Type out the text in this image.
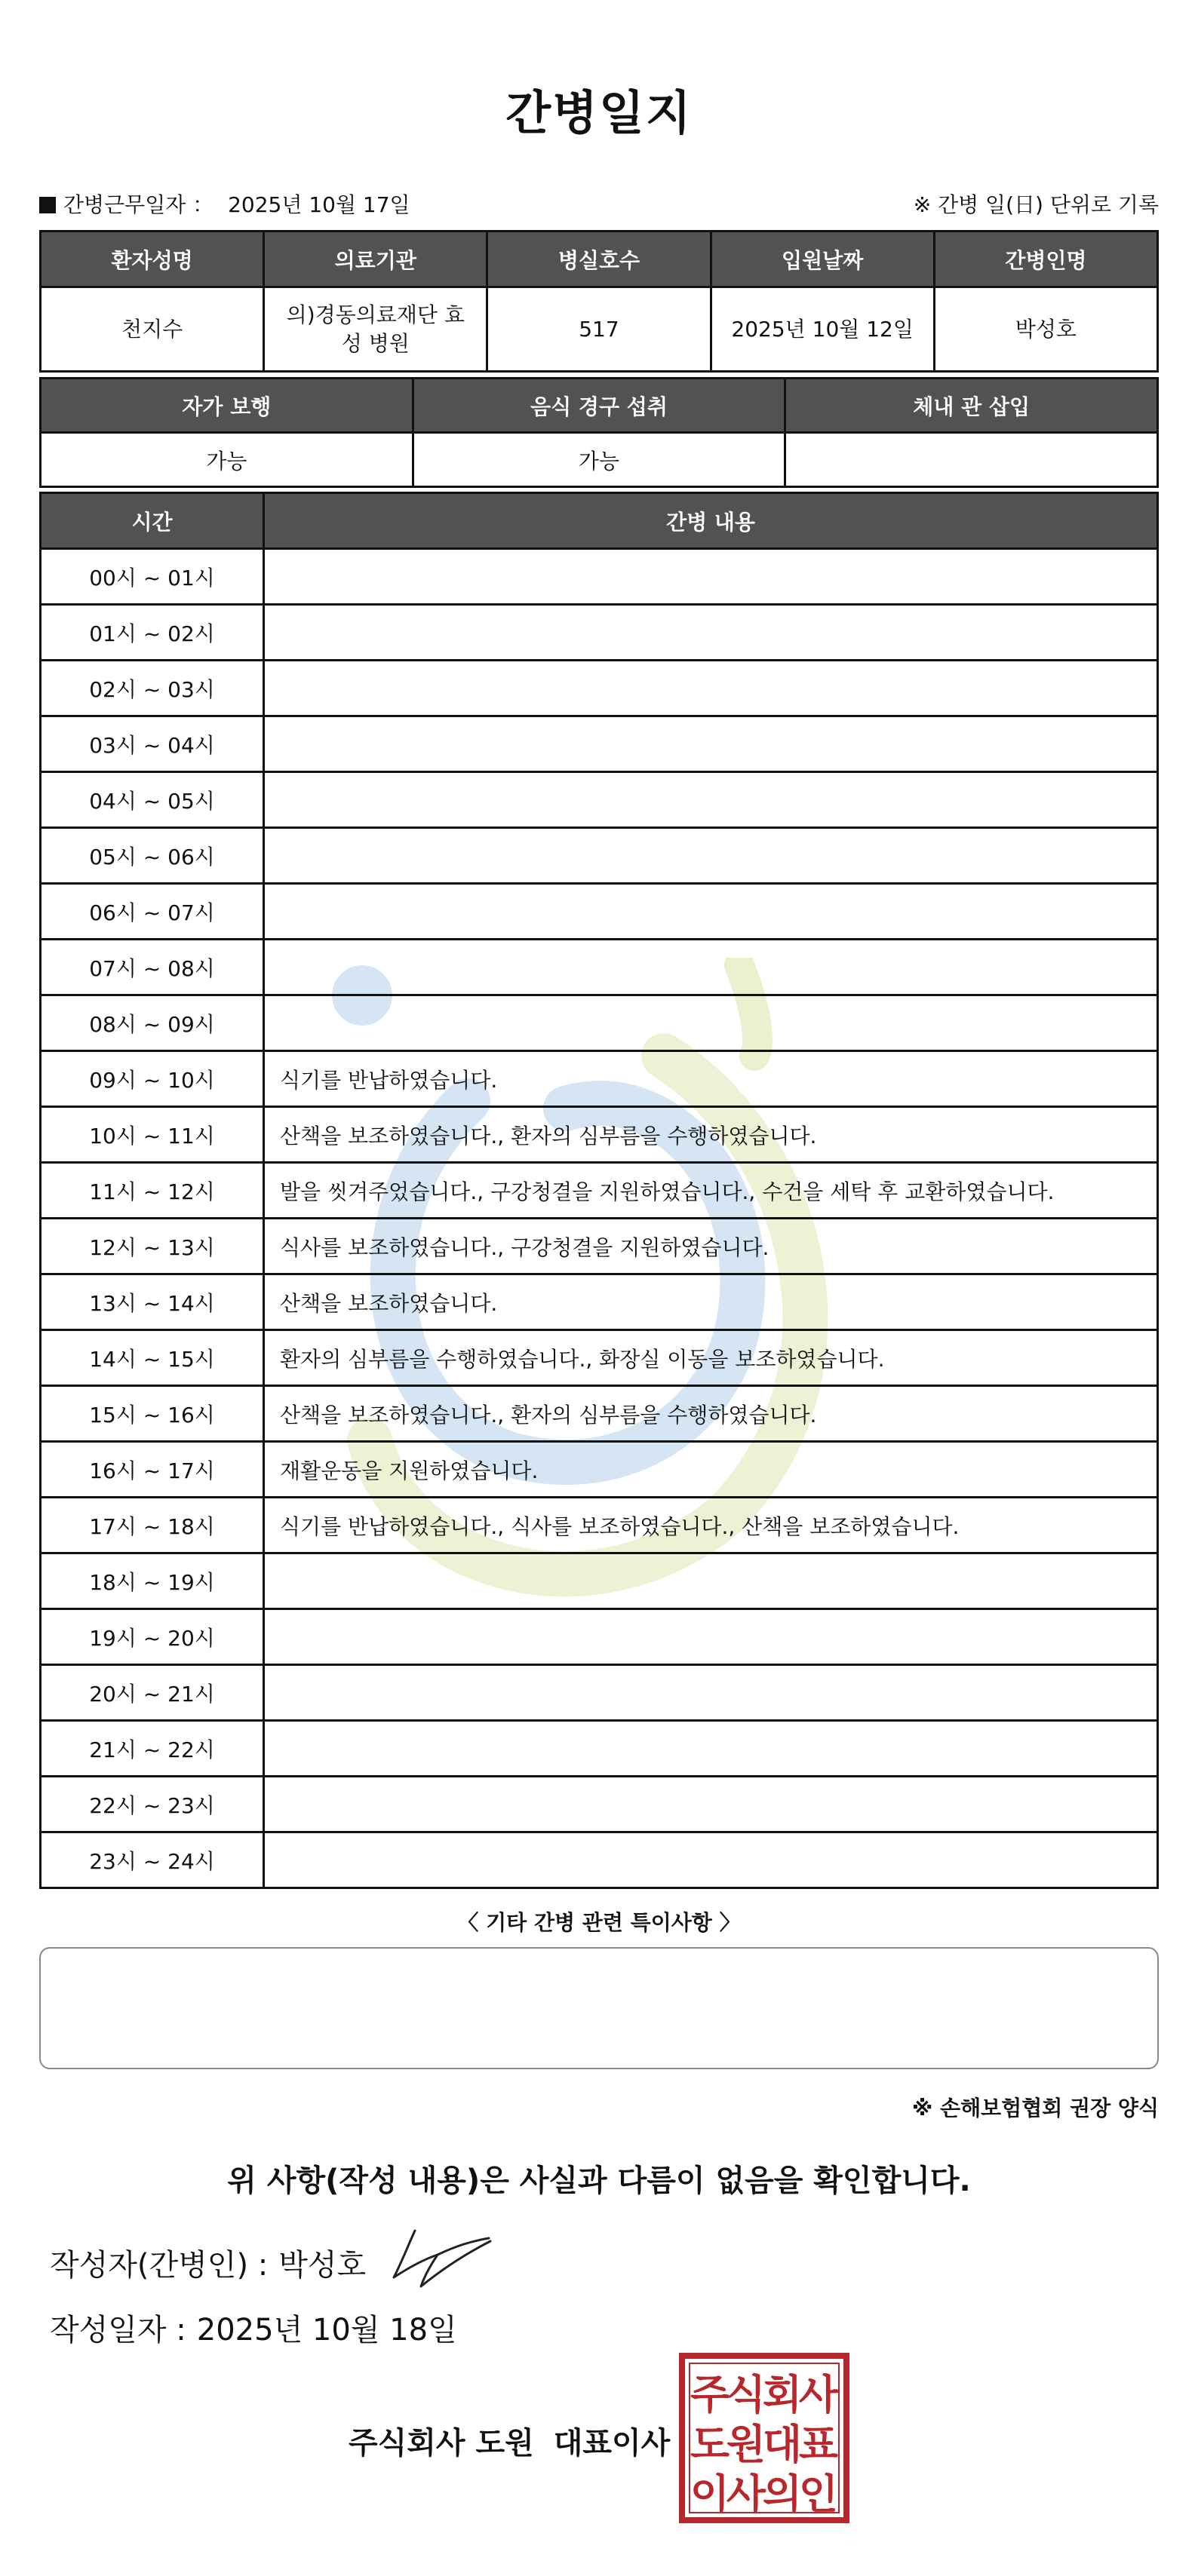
간병일지
간병근무일자 ： 2025년 10월 17일	※ 간병 일(日) 단위로 기록
환자성명	의료기관	병실호수	입원날짜	간병인명
천지수	의)경동의료재단 효성 병원	517	2025년 10월 12일	박성호
자가 보행	음식 경구 섭취	체내 관 삽입
가능	가능	
시간	간병 내용
00시 ~ 01시	
01시 ~ 02시	
02시 ~ 03시	
03시 ~ 04시	
04시 ~ 05시	
05시 ~ 06시	
06시 ~ 07시	
07시 ~ 08시	
08시 ~ 09시	
09시 ~ 10시	식기를 반납하였습니다.
10시 ~ 11시	산책을 보조하였습니다., 환자의 심부름을 수행하였습니다.
11시 ~ 12시	발을 씻겨주었습니다., 구강청결을 지원하였습니다., 수건을 세탁 후 교환하였습니다.
12시 ~ 13시	식사를 보조하였습니다., 구강청결을 지원하였습니다.
13시 ~ 14시	산책을 보조하였습니다.
14시 ~ 15시	환자의 심부름을 수행하였습니다., 화장실 이동을 보조하였습니다.
15시 ~ 16시	산책을 보조하였습니다., 환자의 심부름을 수행하였습니다.
16시 ~ 17시	재활운동을 지원하였습니다.
17시 ~ 18시	식기를 반납하였습니다., 식사를 보조하였습니다., 산책을 보조하였습니다.
18시 ~ 19시	
19시 ~ 20시	
20시 ~ 21시	
21시 ~ 22시	
22시 ~ 23시	
23시 ~ 24시	
〈 기타 간병 관련 특이사항 〉
※ 손해보험협회 권장 양식
위 사항(작성 내용)은 사실과 다름이 없음을 확인합니다.
작성자(간병인) : 박성호
작성일자 : 2025년 10월 18일
주식회사 도원 대표이사
주
식
회
사
도
원
대
표
이
사
의
인
